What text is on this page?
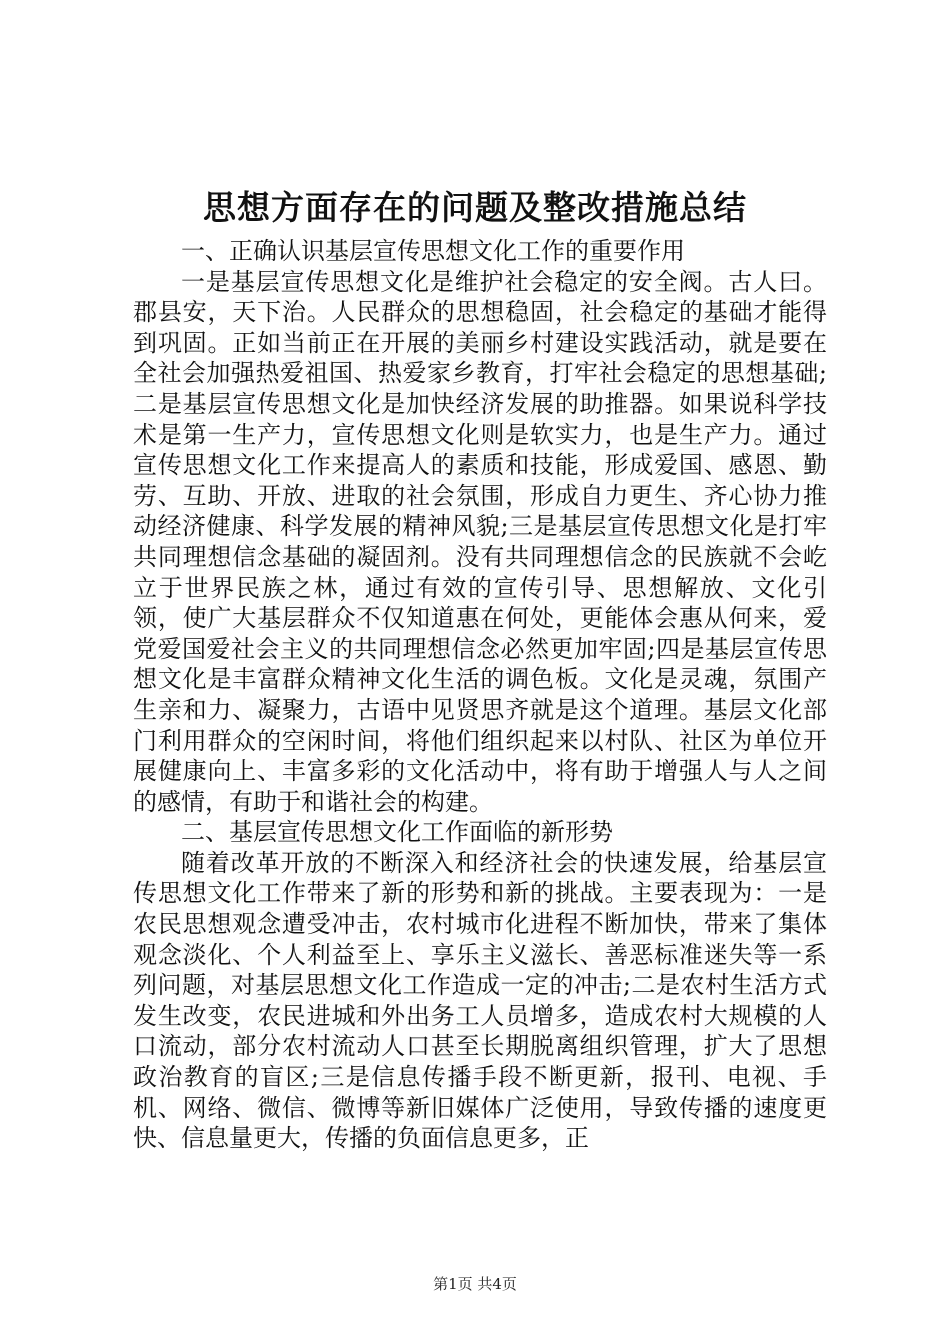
思想方面存在的问题及整改措施总结

一、正确认识基层宣传思想文化工作的重要作用

一是基层宣传思想文化是维护社会稳定的安全阀。古人曰。郡县安，天下治。人民群众的思想稳固，社会稳定的基础才能得到巩固。正如当前正在开展的美丽乡村建设实践活动，就是要在全社会加强热爱祖国、热爱家乡教育，打牢社会稳定的思想基础;二是基层宣传思想文化是加快经济发展的助推器。如果说科学技术是第一生产力，宣传思想文化则是软实力，也是生产力。通过宣传思想文化工作来提高人的素质和技能，形成爱国、感恩、勤劳、互助、开放、进取的社会氛围，形成自力更生、齐心协力推动经济健康、科学发展的精神风貌;三是基层宣传思想文化是打牢共同理想信念基础的凝固剂。没有共同理想信念的民族就不会屹立于世界民族之林，通过有效的宣传引导、思想解放、文化引领，使广大基层群众不仅知道惠在何处，更能体会惠从何来，爱党爱国爱社会主义的共同理想信念必然更加牢固;四是基层宣传思想文化是丰富群众精神文化生活的调色板。文化是灵魂，氛围产生亲和力、凝聚力，古语中见贤思齐就是这个道理。基层文化部门利用群众的空闲时间，将他们组织起来以村队、社区为单位开展健康向上、丰富多彩的文化活动中，将有助于增强人与人之间的感情，有助于和谐社会的构建。

二、基层宣传思想文化工作面临的新形势

随着改革开放的不断深入和经济社会的快速发展，给基层宣传思想文化工作带来了新的形势和新的挑战。主要表现为：一是农民思想观念遭受冲击，农村城市化进程不断加快，带来了集体观念淡化、个人利益至上、享乐主义滋长、善恶标准迷失等一系列问题，对基层思想文化工作造成一定的冲击;二是农村生活方式发生改变，农民进城和外出务工人员增多，造成农村大规模的人口流动，部分农村流动人口甚至长期脱离组织管理，扩大了思想政治教育的盲区;三是信息传播手段不断更新，报刊、电视、手机、网络、微信、微博等新旧媒体广泛使用，导致传播的速度更快、信息量更大，传播的负面信息更多，正

第1页 共4页
